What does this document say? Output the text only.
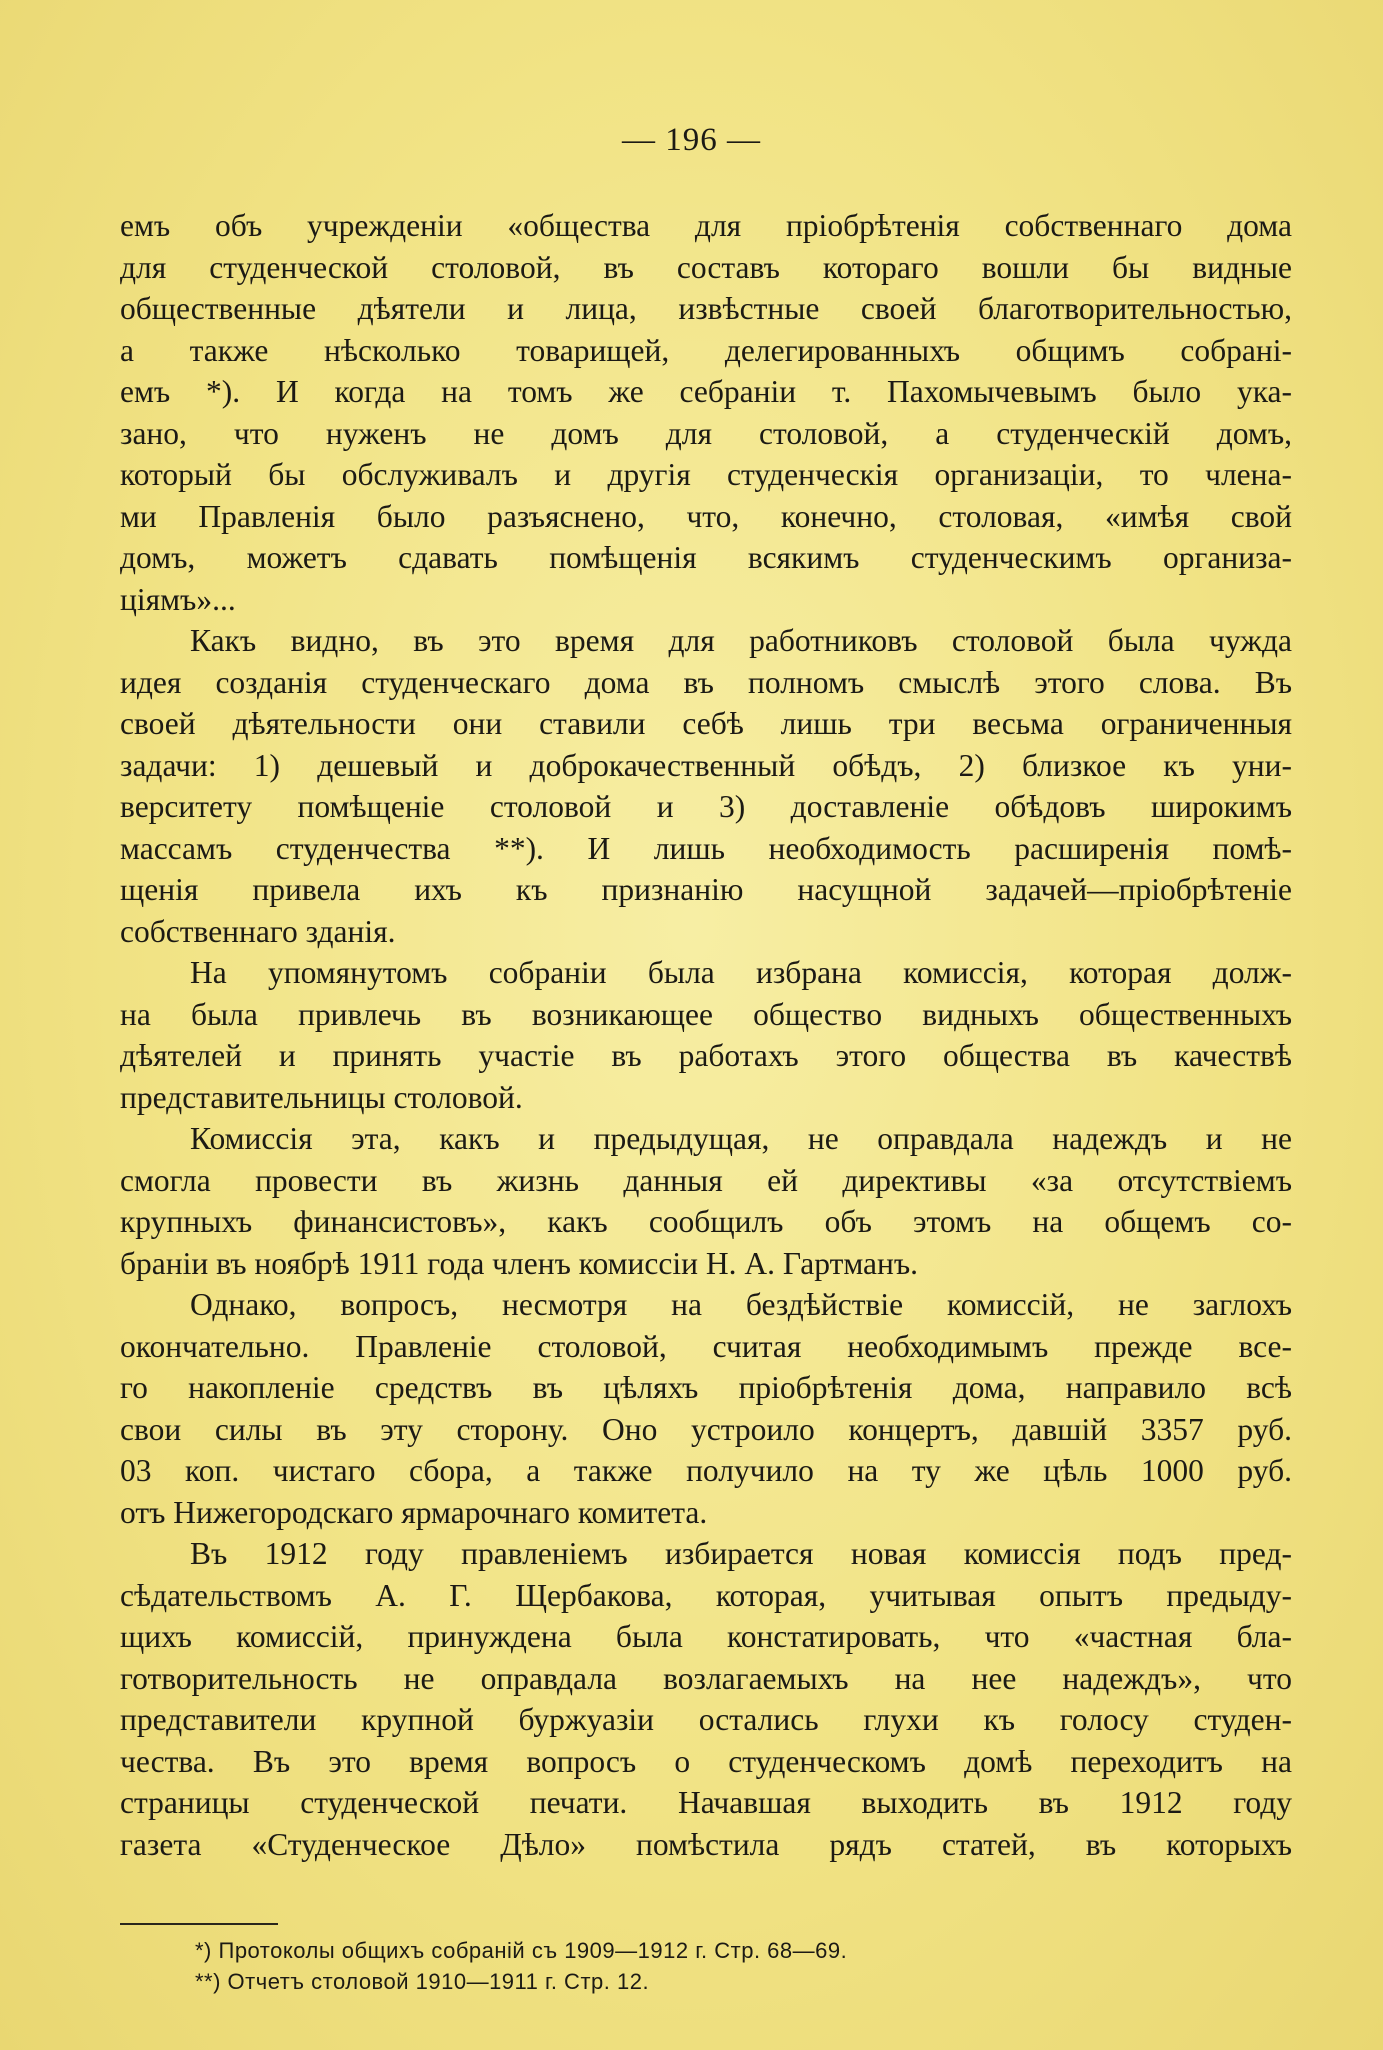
— 196 —
емъ объ учрежденіи «общества для пріобрѣтенія собственнаго дома
для студенческой столовой, въ составъ котораго вошли бы видные
общественные дѣятели и лица, извѣстные своей благотворительностью,
а также нѣсколько товарищей, делегированныхъ общимъ собрані-
емъ *). И когда на томъ же себраніи т. Пахомычевымъ было ука-
зано, что нуженъ не домъ для столовой, а студенческій домъ,
который бы обслуживалъ и другія студенческія организаціи, то члена-
ми Правленія было разъяснено, что, конечно, столовая, «имѣя свой
домъ, можетъ сдавать помѣщенія всякимъ студенческимъ организа-
ціямъ»...
Какъ видно, въ это время для работниковъ столовой была чужда
идея созданія студенческаго дома въ полномъ смыслѣ этого слова. Въ
своей дѣятельности они ставили себѣ лишь три весьма ограниченныя
задачи: 1) дешевый и доброкачественный обѣдъ, 2) близкое къ уни-
верситету помѣщеніе столовой и 3) доставленіе обѣдовъ широкимъ
массамъ студенчества **). И лишь необходимость расширенія помѣ-
щенія привела ихъ къ признанію насущной задачей—пріобрѣтеніе
собственнаго зданія.
На упомянутомъ собраніи была избрана комиссія, которая долж-
на была привлечь въ возникающее общество видныхъ общественныхъ
дѣятелей и принять участіе въ работахъ этого общества въ качествѣ
представительницы столовой.
Комиссія эта, какъ и предыдущая, не оправдала надеждъ и не
смогла провести въ жизнь данныя ей директивы «за отсутствіемъ
крупныхъ финансистовъ», какъ сообщилъ объ этомъ на общемъ со-
браніи въ ноябрѣ 1911 года членъ комиссіи Н. А. Гартманъ.
Однако, вопросъ, несмотря на бездѣйствіе комиссій, не заглохъ
окончательно. Правленіе столовой, считая необходимымъ прежде все-
го накопленіе средствъ въ цѣляхъ пріобрѣтенія дома, направило всѣ
свои силы въ эту сторону. Оно устроило концертъ, давшій 3357 руб.
03 коп. чистаго сбора, а также получило на ту же цѣль 1000 руб.
отъ Нижегородскаго ярмарочнаго комитета.
Въ 1912 году правленіемъ избирается новая комиссія подъ пред-
сѣдательствомъ А. Г. Щербакова, которая, учитывая опытъ предыду-
щихъ комиссій, принуждена была констатировать, что «частная бла-
готворительность не оправдала возлагаемыхъ на нее надеждъ», что
представители крупной буржуазіи остались глухи къ голосу студен-
чества. Въ это время вопросъ о студенческомъ домѣ переходитъ на
страницы студенческой печати. Начавшая выходить въ 1912 году
газета «Студенческое Дѣло» помѣстила рядъ статей, въ которыхъ
*) Протоколы общихъ собраній съ 1909—1912 г. Стр. 68—69.
**) Отчетъ столовой 1910—1911 г. Стр. 12.
